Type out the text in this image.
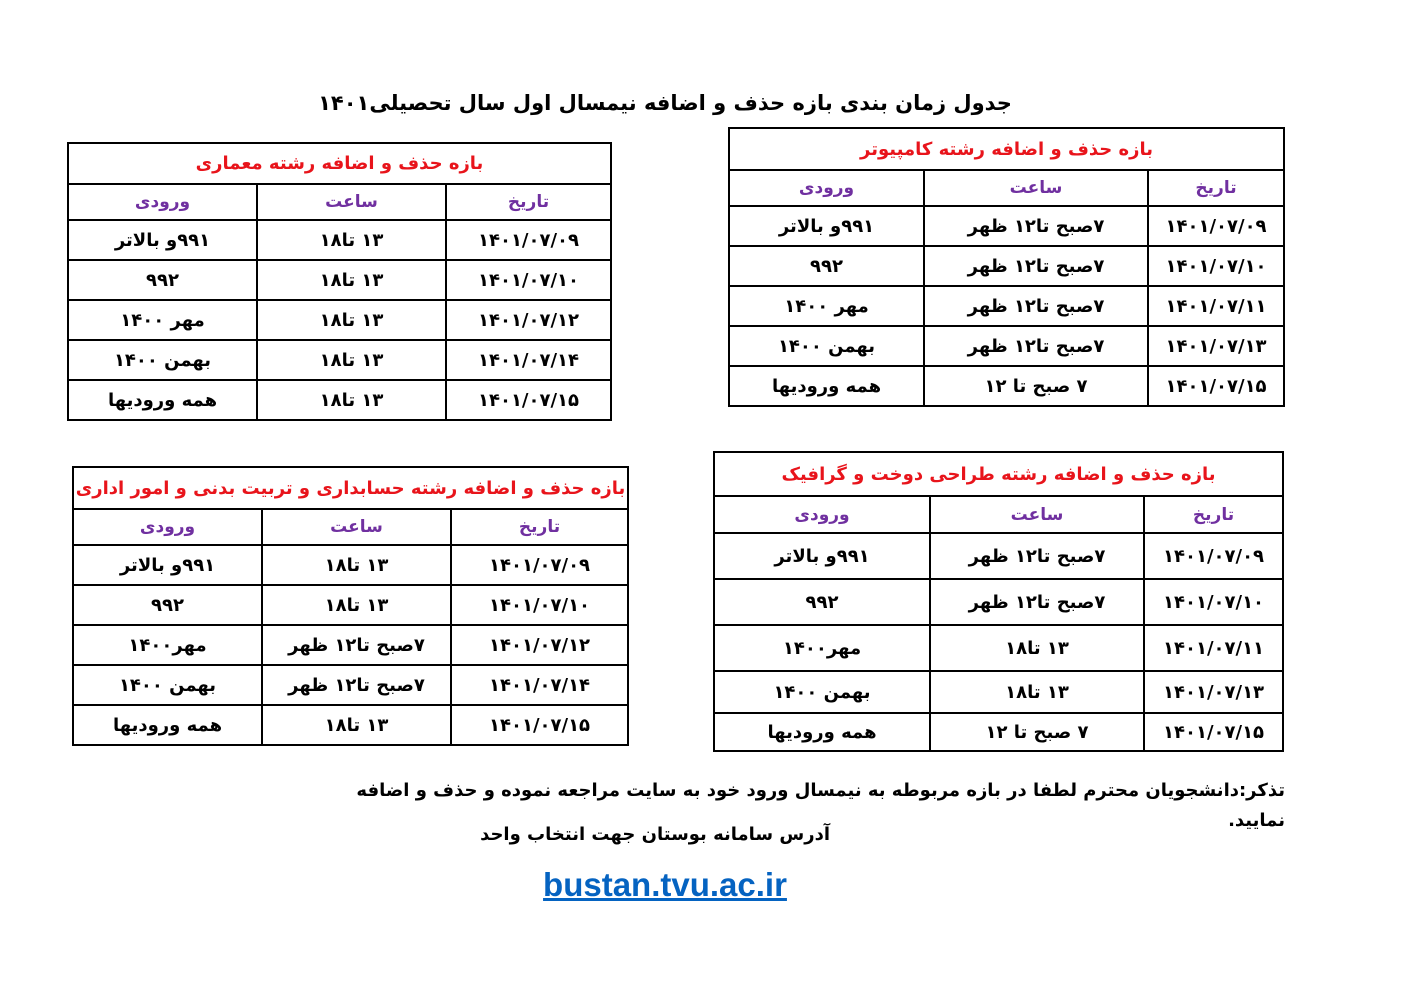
جدول زمان بندی بازه حذف و اضافه نیمسال اول سال تحصیلی۱۴۰۱
بازه حذف و اضافه رشته کامپیوتر		
تاریخ	ساعت	ورودی
۱۴۰۱/۰۷/۰۹	۷صبح تا۱۲ ظهر	۹۹۱و بالاتر
۱۴۰۱/۰۷/۱۰	۷صبح تا۱۲ ظهر	۹۹۲
۱۴۰۱/۰۷/۱۱	۷صبح تا۱۲ ظهر	مهر ۱۴۰۰
۱۴۰۱/۰۷/۱۳	۷صبح تا۱۲ ظهر	بهمن ۱۴۰۰
۱۴۰۱/۰۷/۱۵	۷ صبح تا ۱۲	همه ورودیها
بازه حذف و اضافه رشته معماری		
تاریخ	ساعت	ورودی
۱۴۰۱/۰۷/۰۹	۱۳ تا۱۸	۹۹۱و بالاتر
۱۴۰۱/۰۷/۱۰	۱۳ تا۱۸	۹۹۲
۱۴۰۱/۰۷/۱۲	۱۳ تا۱۸	مهر ۱۴۰۰
۱۴۰۱/۰۷/۱۴	۱۳ تا۱۸	بهمن ۱۴۰۰
۱۴۰۱/۰۷/۱۵	۱۳ تا۱۸	همه ورودیها
بازه حذف و اضافه رشته حسابداری و تربیت بدنی و امور اداری		
تاریخ	ساعت	ورودی
۱۴۰۱/۰۷/۰۹	۱۳ تا۱۸	۹۹۱و بالاتر
۱۴۰۱/۰۷/۱۰	۱۳ تا۱۸	۹۹۲
۱۴۰۱/۰۷/۱۲	۷صبح تا۱۲ ظهر	مهر۱۴۰۰
۱۴۰۱/۰۷/۱۴	۷صبح تا۱۲ ظهر	بهمن ۱۴۰۰
۱۴۰۱/۰۷/۱۵	۱۳ تا۱۸	همه ورودیها
بازه حذف و اضافه رشته طراحی دوخت و گرافیک		
تاریخ	ساعت	ورودی
۱۴۰۱/۰۷/۰۹	۷صبح تا۱۲ ظهر	۹۹۱و بالاتر
۱۴۰۱/۰۷/۱۰	۷صبح تا۱۲ ظهر	۹۹۲
۱۴۰۱/۰۷/۱۱	۱۳ تا۱۸	مهر۱۴۰۰
۱۴۰۱/۰۷/۱۳	۱۳ تا۱۸	بهمن ۱۴۰۰
۱۴۰۱/۰۷/۱۵	۷ صبح تا ۱۲	همه ورودیها
تذکر:دانشجویان محترم لطفا در بازه مربوطه به نیمسال ورود خود به سایت مراجعه نموده و حذف و اضافه نمایید.
آدرس سامانه بوستان جهت انتخاب واحد
bustan.tvu.ac.ir
